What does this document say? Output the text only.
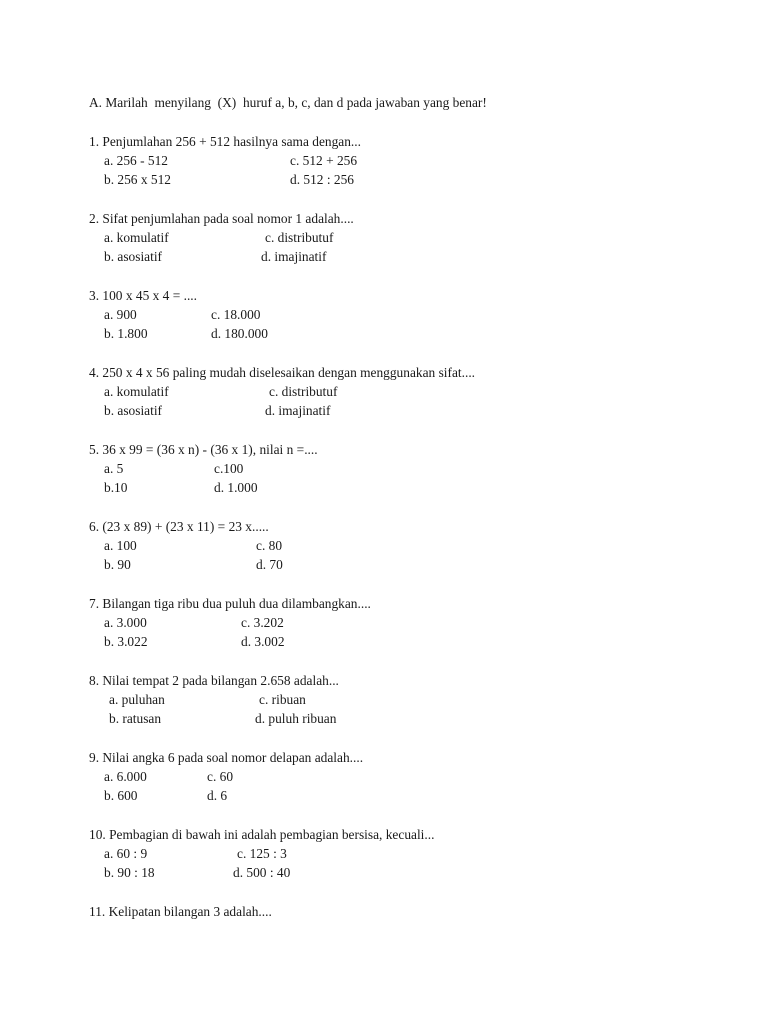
A. Marilah  menyilang  (X)  huruf a, b, c, dan d pada jawaban yang benar!
1. Penjumlahan 256 + 512 hasilnya sama dengan...
a. 256 - 512
b. 256 x 512
c. 512 + 256
d. 512 : 256
2. Sifat penjumlahan pada soal nomor 1 adalah....
a. komulatif
b. asosiatif
c. distributuf
d. imajinatif
3. 100 x 45 x 4 = ....
a. 900
b. 1.800
c. 18.000
d. 180.000
4. 250 x 4 x 56 paling mudah diselesaikan dengan menggunakan sifat....
a. komulatif
b. asosiatif
c. distributuf
d. imajinatif
5. 36 x 99 = (36 x n) - (36 x 1), nilai n =....
a. 5
b.10
c.100
d. 1.000
6. (23 x 89) + (23 x 11) = 23 x.....
a. 100
b. 90
c. 80
d. 70
7. Bilangan tiga ribu dua puluh dua dilambangkan....
a. 3.000
b. 3.022
c. 3.202
d. 3.002
8. Nilai tempat 2 pada bilangan 2.658 adalah...
a. puluhan
b. ratusan
c. ribuan
d. puluh ribuan
9. Nilai angka 6 pada soal nomor delapan adalah....
a. 6.000
b. 600
c. 60
d. 6
10. Pembagian di bawah ini adalah pembagian bersisa, kecuali...
a. 60 : 9
b. 90 : 18
c. 125 : 3
d. 500 : 40
11. Kelipatan bilangan 3 adalah....
